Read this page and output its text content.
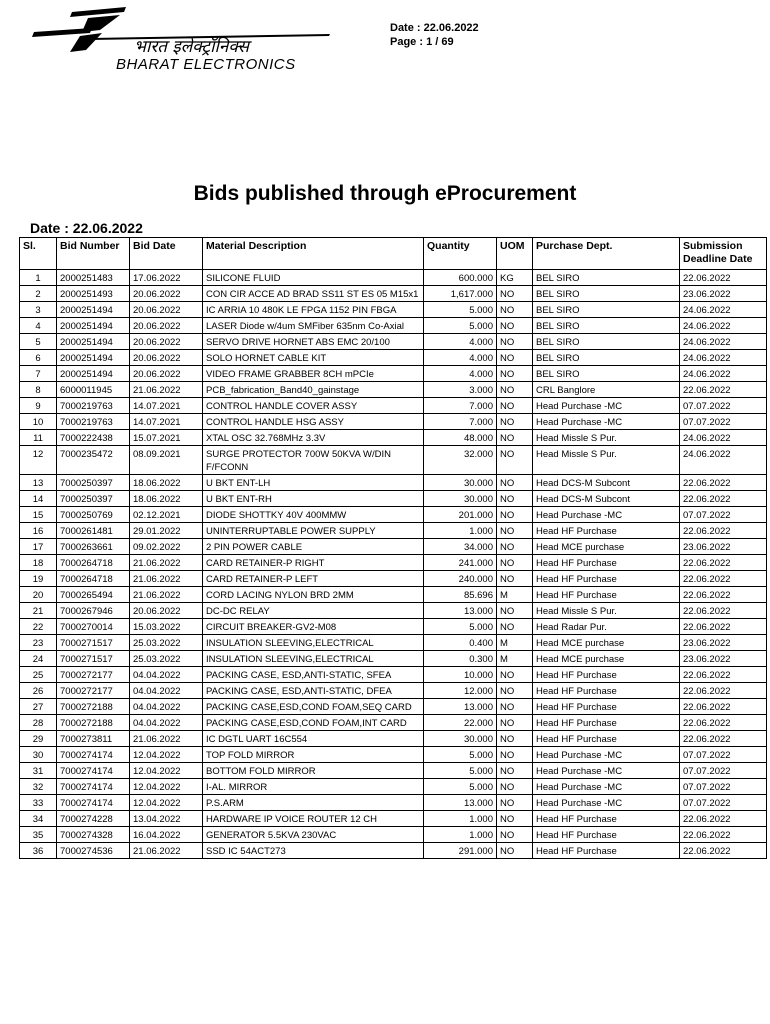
भारत इलेक्ट्रॉनिक्स
BHARAT ELECTRONICS
Date : 22.06.2022
Page : 1 / 69
Bids published through eProcurement
Date : 22.06.2022
Sl.	Bid Number	Bid Date	Material Description	Quantity	UOM	Purchase Dept.	Submission Deadline Date
1	2000251483	17.06.2022	SILICONE FLUID	600.000	KG	BEL SIRO	22.06.2022
2	2000251493	20.06.2022	CON CIR ACCE AD BRAD SS11 ST ES 05 M15x1	1,617.000	NO	BEL SIRO	23.06.2022
3	2000251494	20.06.2022	IC ARRIA 10 480K LE FPGA 1152 PIN FBGA	5.000	NO	BEL SIRO	24.06.2022
4	2000251494	20.06.2022	LASER Diode w/4um SMFiber 635nm Co-Axial	5.000	NO	BEL SIRO	24.06.2022
5	2000251494	20.06.2022	SERVO DRIVE HORNET ABS EMC 20/100	4.000	NO	BEL SIRO	24.06.2022
6	2000251494	20.06.2022	SOLO HORNET CABLE KIT	4.000	NO	BEL SIRO	24.06.2022
7	2000251494	20.06.2022	VIDEO FRAME GRABBER 8CH mPCIe	4.000	NO	BEL SIRO	24.06.2022
8	6000011945	21.06.2022	PCB_fabrication_Band40_gainstage	3.000	NO	CRL Banglore	22.06.2022
9	7000219763	14.07.2021	CONTROL HANDLE COVER ASSY	7.000	NO	Head Purchase -MC	07.07.2022
10	7000219763	14.07.2021	CONTROL HANDLE HSG ASSY	7.000	NO	Head Purchase -MC	07.07.2022
11	7000222438	15.07.2021	XTAL OSC 32.768MHz 3.3V	48.000	NO	Head Missle S Pur.	24.06.2022
12	7000235472	08.09.2021	SURGE PROTECTOR 700W 50KVA W/DIN F/FCONN	32.000	NO	Head Missle S Pur.	24.06.2022
13	7000250397	18.06.2022	U BKT ENT-LH	30.000	NO	Head DCS-M Subcont	22.06.2022
14	7000250397	18.06.2022	U BKT ENT-RH	30.000	NO	Head DCS-M Subcont	22.06.2022
15	7000250769	02.12.2021	DIODE SHOTTKY 40V 400MMW	201.000	NO	Head Purchase -MC	07.07.2022
16	7000261481	29.01.2022	UNINTERRUPTABLE POWER SUPPLY	1.000	NO	Head HF Purchase	22.06.2022
17	7000263661	09.02.2022	2 PIN POWER CABLE	34.000	NO	Head MCE purchase	23.06.2022
18	7000264718	21.06.2022	CARD RETAINER-P RIGHT	241.000	NO	Head HF Purchase	22.06.2022
19	7000264718	21.06.2022	CARD RETAINER-P LEFT	240.000	NO	Head HF Purchase	22.06.2022
20	7000265494	21.06.2022	CORD LACING NYLON BRD 2MM	85.696	M	Head HF Purchase	22.06.2022
21	7000267946	20.06.2022	DC-DC RELAY	13.000	NO	Head Missle S Pur.	22.06.2022
22	7000270014	15.03.2022	CIRCUIT BREAKER-GV2-M08	5.000	NO	Head Radar Pur.	22.06.2022
23	7000271517	25.03.2022	INSULATION SLEEVING,ELECTRICAL	0.400	M	Head MCE purchase	23.06.2022
24	7000271517	25.03.2022	INSULATION SLEEVING,ELECTRICAL	0.300	M	Head MCE purchase	23.06.2022
25	7000272177	04.04.2022	PACKING CASE, ESD,ANTI-STATIC, SFEA	10.000	NO	Head HF Purchase	22.06.2022
26	7000272177	04.04.2022	PACKING CASE, ESD,ANTI-STATIC, DFEA	12.000	NO	Head HF Purchase	22.06.2022
27	7000272188	04.04.2022	PACKING CASE,ESD,COND FOAM,SEQ CARD	13.000	NO	Head HF Purchase	22.06.2022
28	7000272188	04.04.2022	PACKING CASE,ESD,COND FOAM,INT CARD	22.000	NO	Head HF Purchase	22.06.2022
29	7000273811	21.06.2022	IC DGTL UART 16C554	30.000	NO	Head HF Purchase	22.06.2022
30	7000274174	12.04.2022	TOP FOLD MIRROR	5.000	NO	Head Purchase -MC	07.07.2022
31	7000274174	12.04.2022	BOTTOM FOLD MIRROR	5.000	NO	Head Purchase -MC	07.07.2022
32	7000274174	12.04.2022	I-AL. MIRROR	5.000	NO	Head Purchase -MC	07.07.2022
33	7000274174	12.04.2022	P.S.ARM	13.000	NO	Head Purchase -MC	07.07.2022
34	7000274228	13.04.2022	HARDWARE IP VOICE ROUTER 12 CH	1.000	NO	Head HF Purchase	22.06.2022
35	7000274328	16.04.2022	GENERATOR 5.5KVA 230VAC	1.000	NO	Head HF Purchase	22.06.2022
36	7000274536	21.06.2022	SSD IC 54ACT273	291.000	NO	Head HF Purchase	22.06.2022
